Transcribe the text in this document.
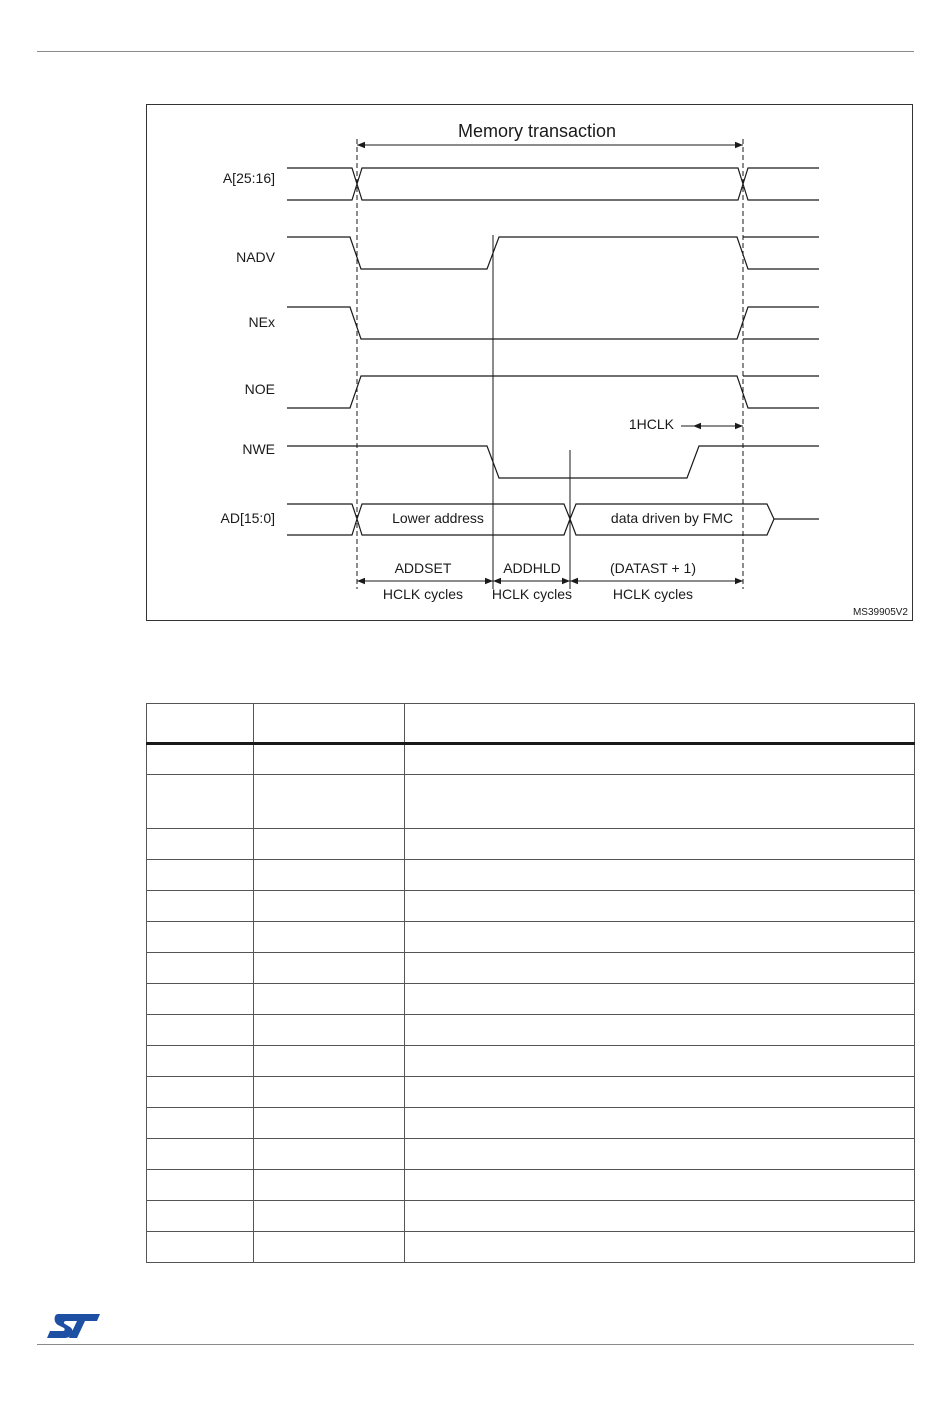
Memory transaction
A[25:16]
NADV
NEx
NOE
NWE
AD[15:0]	Lower address	data driven by FMC
1HCLK
ADDSET	ADDHLD	(DATAST + 1)
HCLK cycles HCLK cycles	HCLK cycles
MS39905V2
